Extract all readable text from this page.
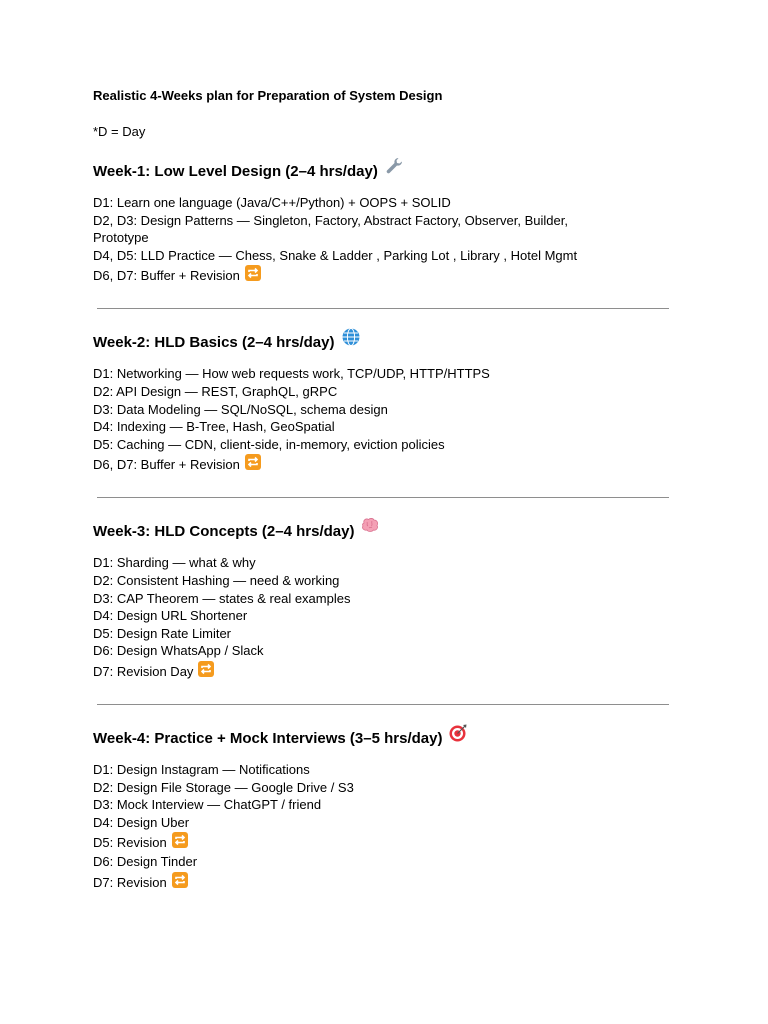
Realistic 4-Weeks plan for Preparation of System Design
*D = Day
Week-1: Low Level Design (2–4 hrs/day)
D1: Learn one language (Java/C++/Python) + OOPS + SOLID
D2, D3: Design Patterns — Singleton, Factory, Abstract Factory, Observer, Builder,
Prototype
D4, D5: LLD Practice — Chess, Snake & Ladder , Parking Lot , Library , Hotel Mgmt
D6, D7: Buffer + Revision
Week-2: HLD Basics (2–4 hrs/day)
D1: Networking — How web requests work, TCP/UDP, HTTP/HTTPS
D2: API Design — REST, GraphQL, gRPC
D3: Data Modeling — SQL/NoSQL, schema design
D4: Indexing — B-Tree, Hash, GeoSpatial
D5: Caching — CDN, client-side, in-memory, eviction policies
D6, D7: Buffer + Revision
Week-3: HLD Concepts (2–4 hrs/day)
D1: Sharding — what & why
D2: Consistent Hashing — need & working
D3: CAP Theorem — states & real examples
D4: Design URL Shortener
D5: Design Rate Limiter
D6: Design WhatsApp / Slack
D7: Revision Day
Week-4: Practice + Mock Interviews (3–5 hrs/day)
D1: Design Instagram — Notifications
D2: Design File Storage — Google Drive / S3
D3: Mock Interview — ChatGPT / friend
D4: Design Uber
D5: Revision
D6: Design Tinder
D7: Revision
